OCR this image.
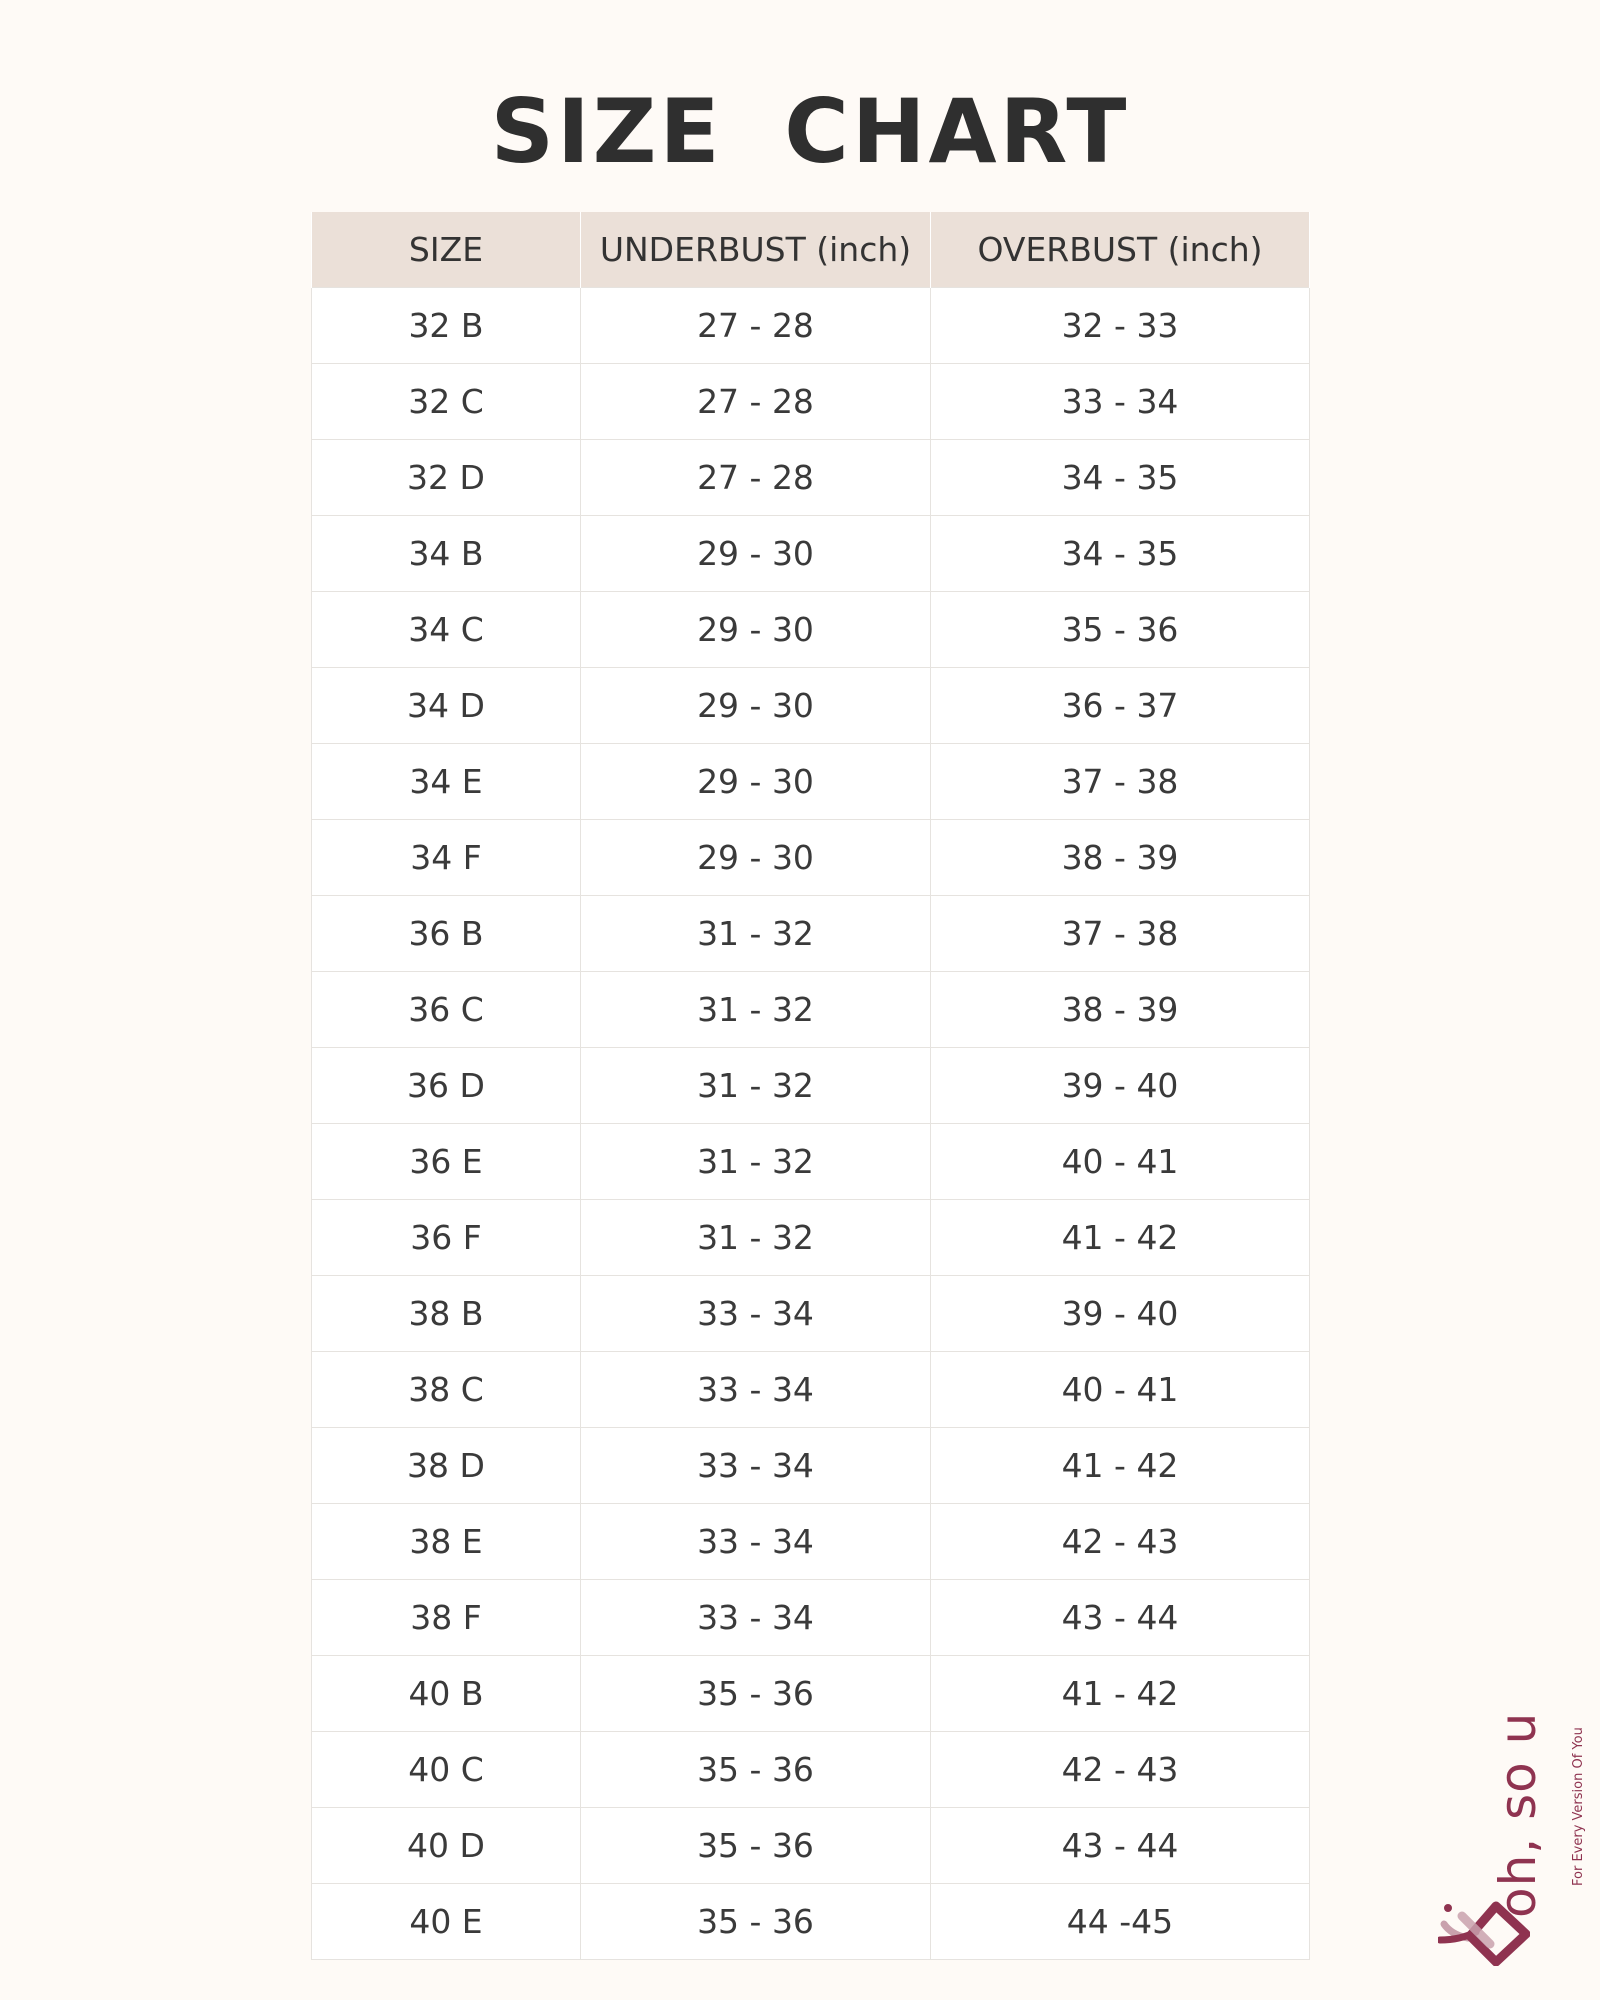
SIZE CHART
SIZE	UNDERBUST (inch)	OVERBUST (inch)
32 B	27 - 28	32 - 33
32 C	27 - 28	33 - 34
32 D	27 - 28	34 - 35
34 B	29 - 30	34 - 35
34 C	29 - 30	35 - 36
34 D	29 - 30	36 - 37
34 E	29 - 30	37 - 38
34 F	29 - 30	38 - 39
36 B	31 - 32	37 - 38
36 C	31 - 32	38 - 39
36 D	31 - 32	39 - 40
36 E	31 - 32	40 - 41
36 F	31 - 32	41 - 42
38 B	33 - 34	39 - 40
38 C	33 - 34	40 - 41
38 D	33 - 34	41 - 42
38 E	33 - 34	42 - 43
38 F	33 - 34	43 - 44
40 B	35 - 36	41 - 42
40 C	35 - 36	42 - 43
40 D	35 - 36	43 - 44
40 E	35 - 36	44 -45
oh, so u For Every Version Of You
